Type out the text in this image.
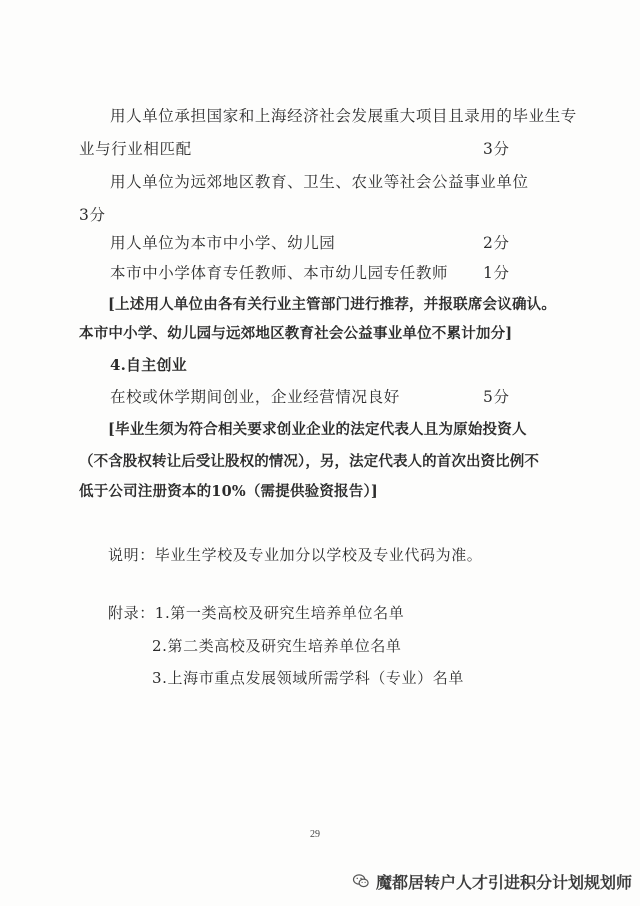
用人单位承担国家和上海经济社会发展重大项目且录用的毕业生专
业与行业相匹配	3分
用人单位为远郊地区教育、卫生、农业等社会公益事业单位
3分
用人单位为本市中小学、幼儿园	2分
本市中小学体育专任教师、本市幼儿园专任教师 1分
[上述用人单位由各有关行业主管部门进行推荐，并报联席会议确认。
本市中小学、幼儿园与远郊地区教育社会公益事业单位不累计加分]
4.自主创业
在校或休学期间创业，企业经营情况良好	5分
[毕业生须为符合相关要求创业企业的法定代表人且为原始投资人
（不含股权转让后受让股权的情况），另，法定代表人的首次出资比例不
低于公司注册资本的10%（需提供验资报告）]
说明：毕业生学校及专业加分以学校及专业代码为准。
附录：1.第一类高校及研究生培养单位名单
2.第二类高校及研究生培养单位名单
3.上海市重点发展领域所需学科（专业）名单
29
魔都居转户人才引进积分计划规划师
